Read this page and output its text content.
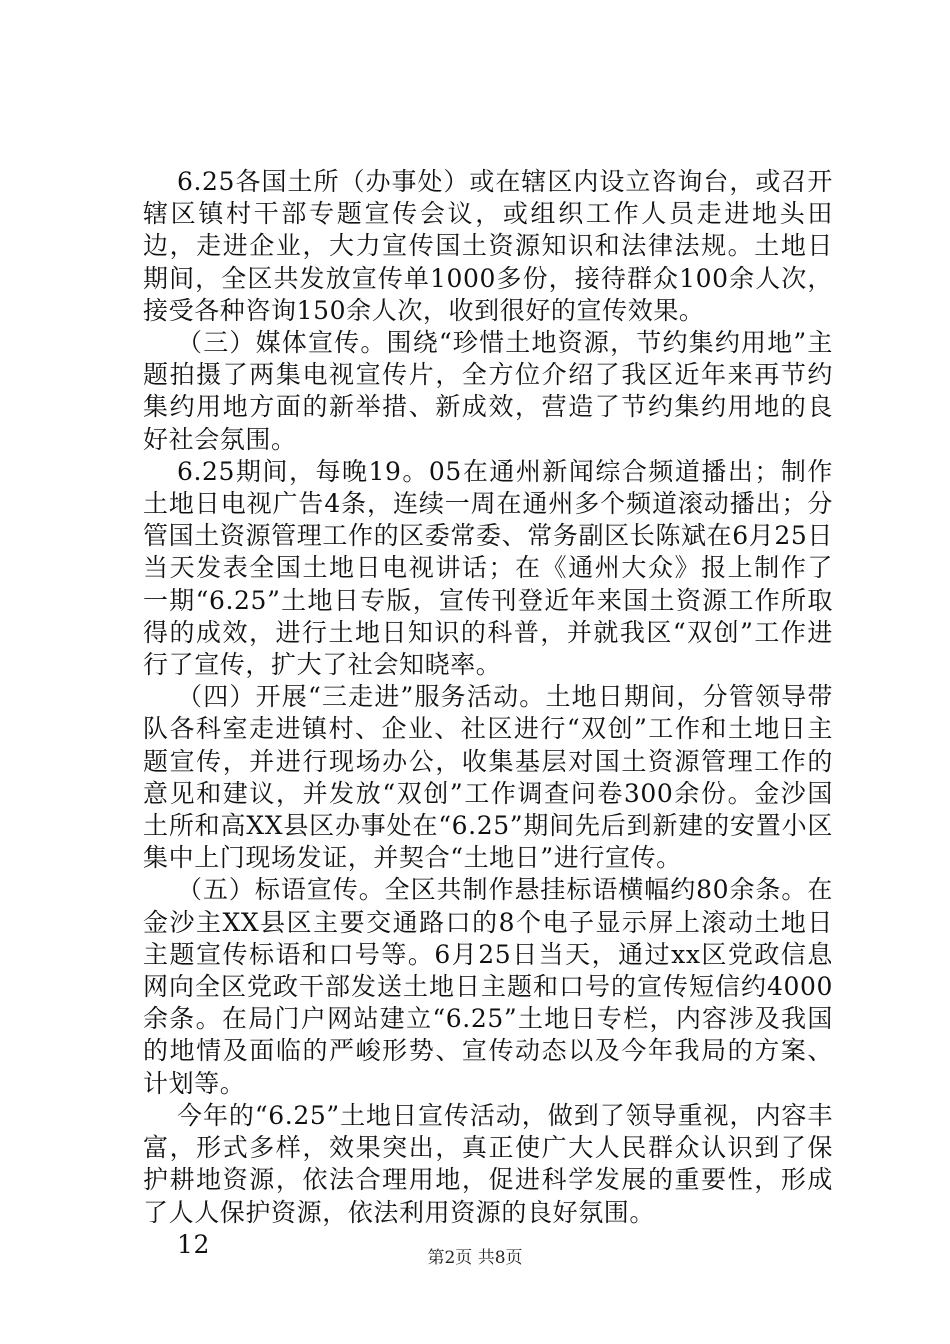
6.25各国土所（办事处）或在辖区内设立咨询台，或召开辖区镇村干部专题宣传会议，或组织工作人员走进地头田边，走进企业，大力宣传国土资源知识和法律法规。土地日期间，全区共发放宣传单1000多份，接待群众100余人次，接受各种咨询150余人次，收到很好的宣传效果。

（三）媒体宣传。围绕“珍惜土地资源，节约集约用地”主题拍摄了两集电视宣传片，全方位介绍了我区近年来再节约集约用地方面的新举措、新成效，营造了节约集约用地的良好社会氛围。

6.25期间，每晚19。05在通州新闻综合频道播出；制作土地日电视广告4条，连续一周在通州多个频道滚动播出；分管国土资源管理工作的区委常委、常务副区长陈斌在6月25日当天发表全国土地日电视讲话；在《通州大众》报上制作了一期“6.25”土地日专版，宣传刊登近年来国土资源工作所取得的成效，进行土地日知识的科普，并就我区“双创”工作进行了宣传，扩大了社会知晓率。

（四）开展“三走进”服务活动。土地日期间，分管领导带队各科室走进镇村、企业、社区进行“双创”工作和土地日主题宣传，并进行现场办公，收集基层对国土资源管理工作的意见和建议，并发放“双创”工作调查问卷300余份。金沙国土所和高XX县区办事处在“6.25”期间先后到新建的安置小区集中上门现场发证，并契合“土地日”进行宣传。

（五）标语宣传。全区共制作悬挂标语横幅约80余条。在金沙主XX县区主要交通路口的8个电子显示屏上滚动土地日主题宣传标语和口号等。6月25日当天，通过xx区党政信息网向全区党政干部发送土地日主题和口号的宣传短信约4000余条。在局门户网站建立“6.25”土地日专栏，内容涉及我国的地情及面临的严峻形势、宣传动态以及今年我局的方案、计划等。

今年的“6.25”土地日宣传活动，做到了领导重视，内容丰富，形式多样，效果突出，真正使广大人民群众认识到了保护耕地资源，依法合理用地，促进科学发展的重要性，形成了人人保护资源，依法利用资源的良好氛围。

12	第2页 共8页
